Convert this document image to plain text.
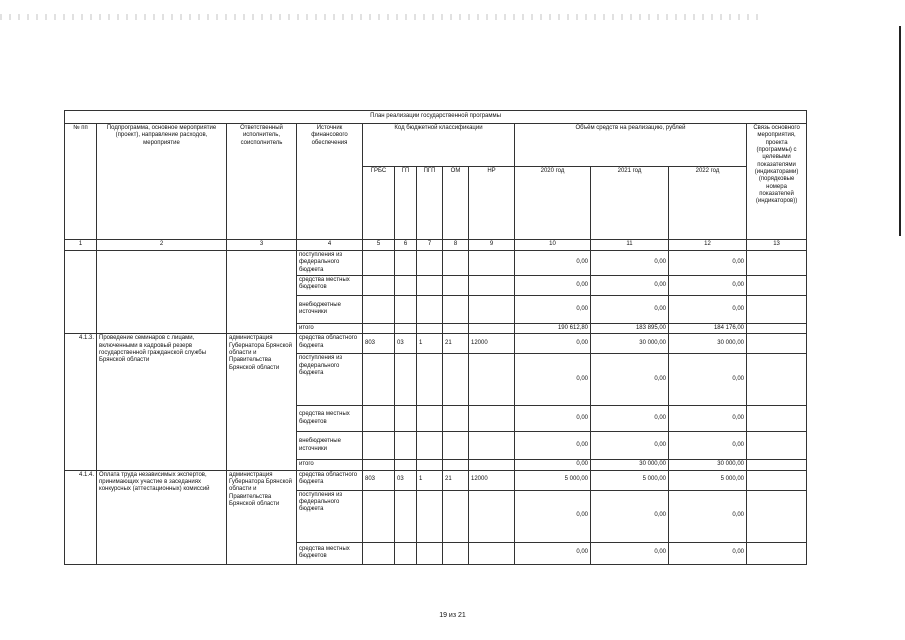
План реализации государственной программы												
№ пп	Подпрограмма, основное мероприятие (проект), направление расходов, мероприятие	Ответственный исполнитель, соисполнитель	Источник финансового обеспечения	Код бюджетной классификации					Объём средств на реализацию, рублей			Связь основного мероприятия, проекта (программы) с целевыми показателями (индикаторами) (порядковые номера показателей (индикаторов))
				ГРБС	ГП	ПГП	ОМ	НР	2020 год	2021 год	2022 год	
1	2	3	4	5	6	7	8	9	10	11	12	13
			поступления из федерального бюджета						0,00	0,00	0,00	
			средства местных бюджетов						0,00	0,00	0,00	
			внебюджетные источники						0,00	0,00	0,00	
			итого						190 612,80	183 895,00	184 176,00	
4.1.3.	Проведение семинаров с лицами, включенными в кадровый резерв государственной гражданской службы Брянской области	администрация Губернатора Брянской области и Правительства Брянской области	средства областного бюджета	803	03	1	21	12000	0,00	30 000,00	30 000,00	
			поступления из федерального бюджета						0,00	0,00	0,00	
			средства местных бюджетов						0,00	0,00	0,00	
			внебюджетные источники						0,00	0,00	0,00	
			итого						0,00	30 000,00	30 000,00	
4.1.4.	Оплата труда независимых экспертов, принимающих участие в заседаниях конкурсных (аттестационных) комиссий	администрация Губернатора Брянской области и Правительства Брянской области	средства областного бюджета	803	03	1	21	12000	5 000,00	5 000,00	5 000,00	
			поступления из федерального бюджета						0,00	0,00	0,00	
			средства местных бюджетов						0,00	0,00	0,00	
19 из 21
